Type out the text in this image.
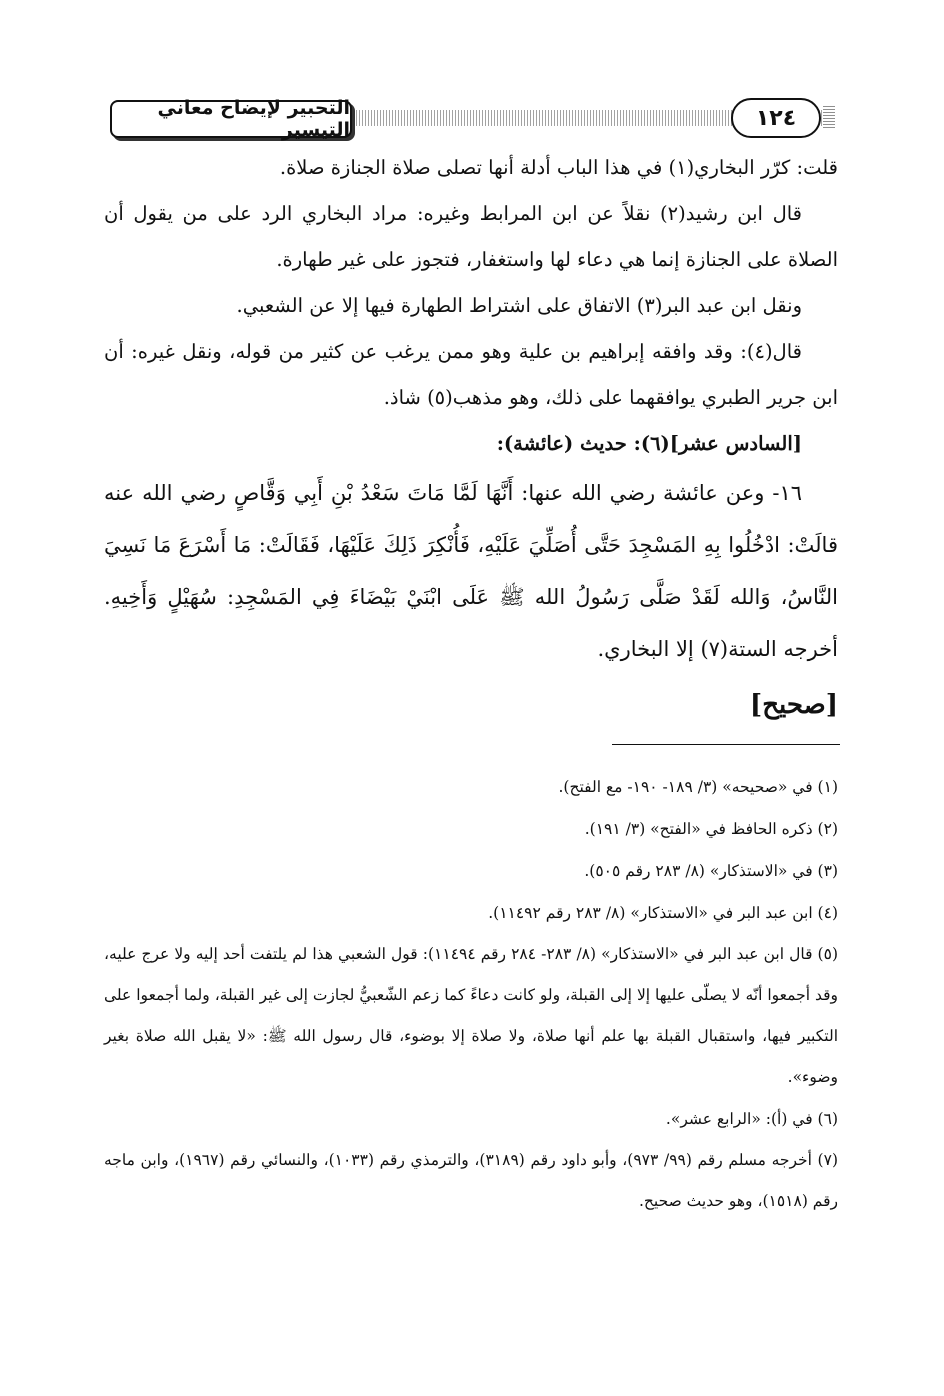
التحبير لإيضاح معاني التيسير	١٢٤

قلت: كرّر البخاري(١) في هذا الباب أدلة أنها تصلى صلاة الجنازة صلاة.

قال ابن رشيد(٢) نقلاً عن ابن المرابط وغيره: مراد البخاري الرد على من يقول أن الصلاة على الجنازة إنما هي دعاء لها واستغفار، فتجوز على غير طهارة.

ونقل ابن عبد البر(٣) الاتفاق على اشتراط الطهارة فيها إلا عن الشعبي.

قال(٤): وقد وافقه إبراهيم بن علية وهو ممن يرغب عن كثير من قوله، ونقل غيره: أن ابن جرير الطبري يوافقهما على ذلك، وهو مذهب(٥) شاذ.

[السادس عشر](٦): حديث (عائشة):

١٦- وعن عائشة رضي الله عنها: أَنَّهَا لَمَّا مَاتَ سَعْدُ بْنِ أَبِي وَقَّاصٍ رضي الله عنه قالَتْ: ادْخُلُوا بِهِ المَسْجِدَ حَتَّى أُصَلِّيَ عَلَيْهِ، فَأُنْكِرَ ذَلِكَ عَلَيْهَا، فَقَالَتْ: مَا أَسْرَعَ مَا نَسِيَ النَّاسُ، وَالله لَقَدْ صَلَّى رَسُولُ الله ﷺ عَلَى ابْنَيْ بَيْضَاءَ فِي المَسْجِدِ: سُهَيْلٍ وَأَخِيهِ. أخرجه الستة(٧) إلا البخاري.

[صحيح]

(١) في «صحيحه» (٣/ ١٨٩- ١٩٠- مع الفتح).

(٢) ذكره الحافظ في «الفتح» (٣/ ١٩١).

(٣) في «الاستذكار» (٨/ ٢٨٣ رقم ٥٠٥).

(٤) ابن عبد البر في «الاستذكار» (٨/ ٢٨٣ رقم ١١٤٩٢).

(٥) قال ابن عبد البر في «الاستذكار» (٨/ ٢٨٣- ٢٨٤ رقم ١١٤٩٤): قول الشعبي هذا لم يلتفت أحد إليه ولا عرج عليه، وقد أجمعوا أنّه لا يصلّى عليها إلا إلى القبلة، ولو كانت دعاءً كما زعم الشّعبيُّ لجازت إلى غير القبلة، ولما أجمعوا على التكبير فيها، واستقبال القبلة بها علم أنها صلاة، ولا صلاة إلا بوضوء، قال رسول الله ﷺ: «لا يقبل الله صلاة بغير وضوء».

(٦) في (أ): «الرابع عشر».

(٧) أخرجه مسلم رقم (٩٩/ ٩٧٣)، وأبو داود رقم (٣١٨٩)، والترمذي رقم (١٠٣٣)، والنسائي رقم (١٩٦٧)، وابن ماجه رقم (١٥١٨)، وهو حديث صحيح.
